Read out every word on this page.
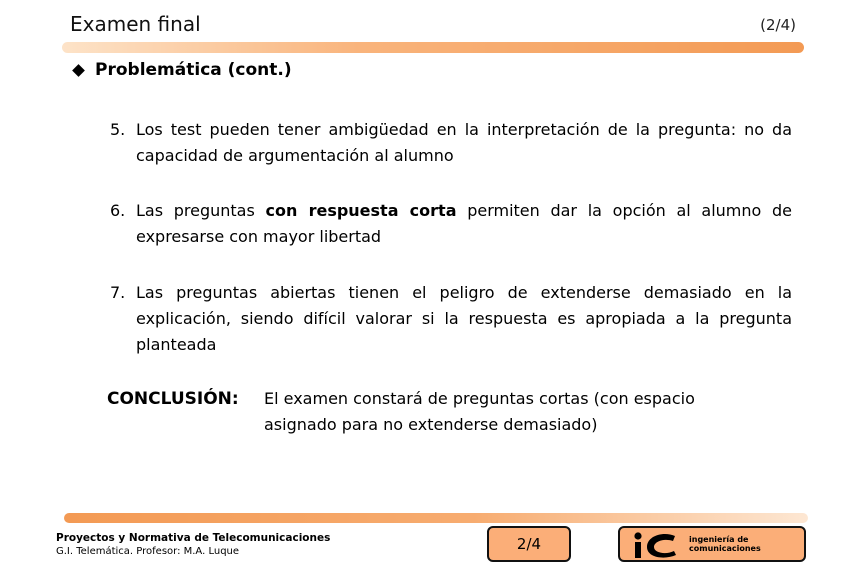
Examen final	(2/4)
Problemática (cont.)
5. Los test pueden tener ambigüedad en la interpretación de la pregunta: no da capacidad de argumentación al alumno
6. Las preguntas con respuesta corta permiten dar la opción al alumno de expresarse con mayor libertad
7. Las preguntas abiertas tienen el peligro de extenderse demasiado en la explicación, siendo difícil valorar si la respuesta es apropiada a la pregunta planteada
CONCLUSIÓN: El examen constará de preguntas cortas (con espacio asignado para no extenderse demasiado)
Proyectos y Normativa de Telecomunicaciones
G.I. Telemática. Profesor: M.A. Luque	2/4	ingeniería de
comunicaciones
